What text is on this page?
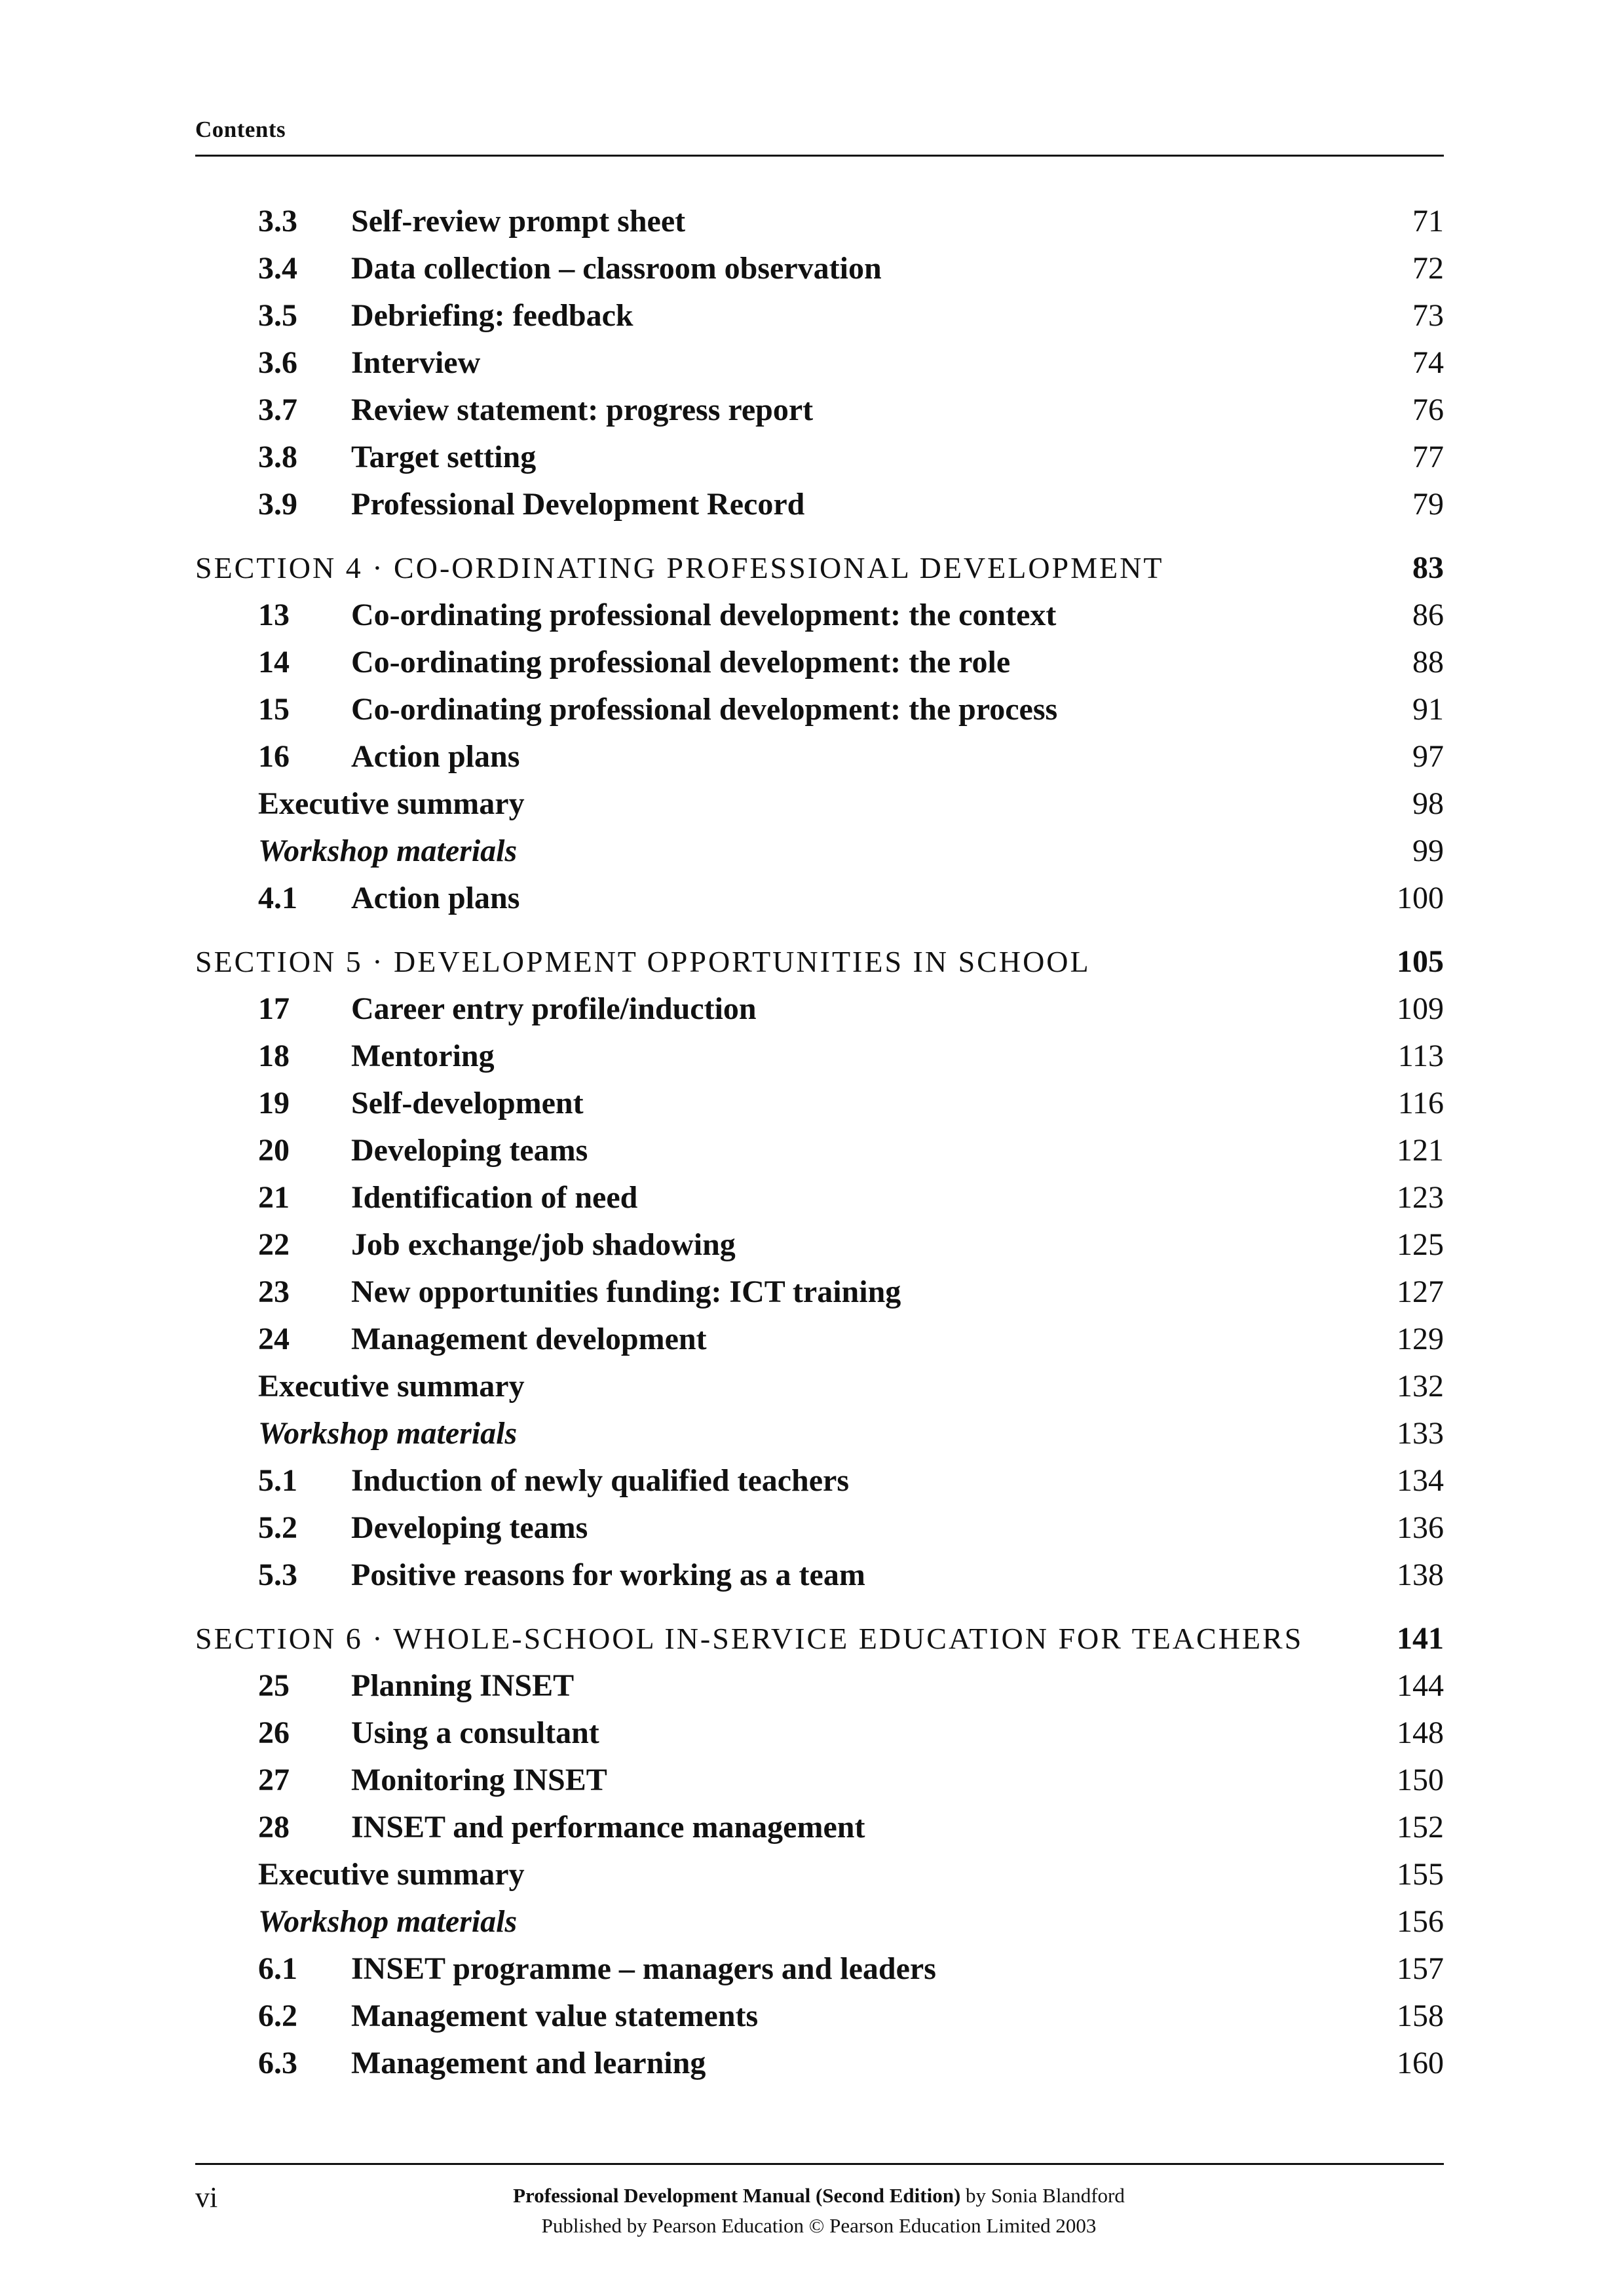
Contents
3.3 Self-review prompt sheet	71
3.4 Data collection – classroom observation	72
3.5 Debriefing: feedback	73
3.6 Interview	74
3.7 Review statement: progress report	76
3.8 Target setting	77
3.9 Professional Development Record	79
SECTION 4 · CO-ORDINATING PROFESSIONAL DEVELOPMENT	83
13 Co-ordinating professional development: the context	86
14 Co-ordinating professional development: the role	88
15 Co-ordinating professional development: the process	91
16 Action plans	97
Executive summary	98
Workshop materials	99
4.1 Action plans	100
SECTION 5 · DEVELOPMENT OPPORTUNITIES IN SCHOOL	105
17 Career entry profile/induction	109
18 Mentoring	113
19 Self-development	116
20 Developing teams	121
21 Identification of need	123
22 Job exchange/job shadowing	125
23 New opportunities funding: ICT training	127
24 Management development	129
Executive summary	132
Workshop materials	133
5.1 Induction of newly qualified teachers	134
5.2 Developing teams	136
5.3 Positive reasons for working as a team	138
SECTION 6 · WHOLE-SCHOOL IN-SERVICE EDUCATION FOR TEACHERS	141
25 Planning INSET	144
26 Using a consultant	148
27 Monitoring INSET	150
28 INSET and performance management	152
Executive summary	155
Workshop materials	156
6.1 INSET programme – managers and leaders	157
6.2 Management value statements	158
6.3 Management and learning	160
vi	Professional Development Manual (Second Edition) by Sonia Blandford
Published by Pearson Education © Pearson Education Limited 2003
